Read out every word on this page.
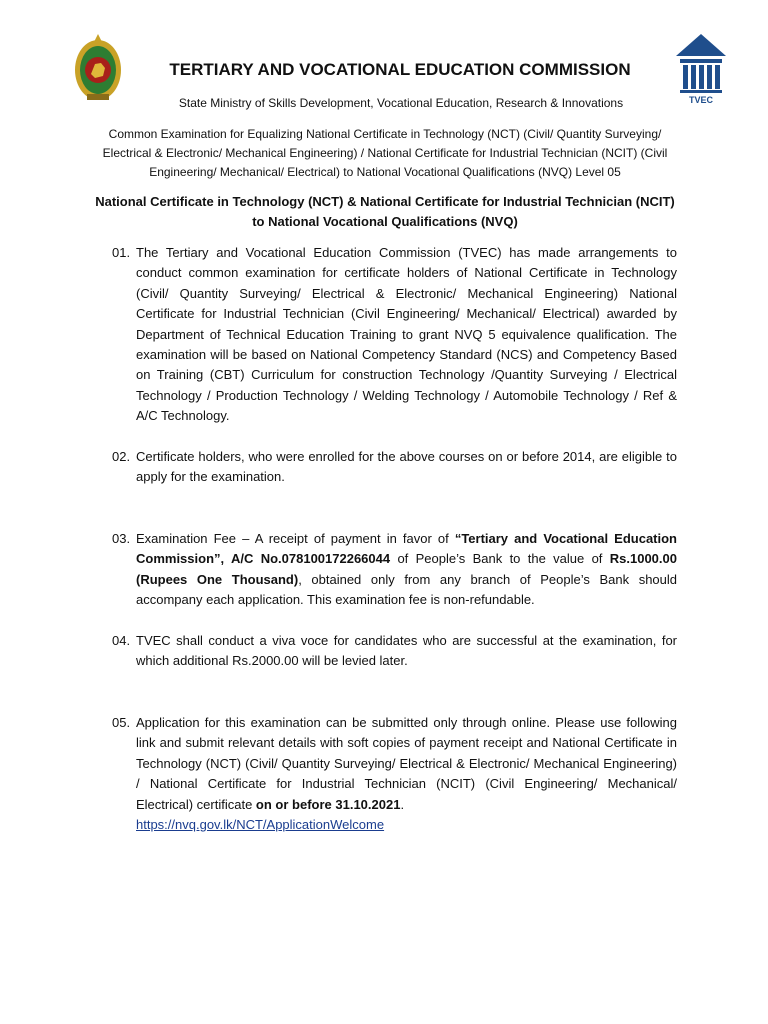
TVEC
TERTIARY AND VOCATIONAL EDUCATION COMMISSION
State Ministry of Skills Development, Vocational Education, Research & Innovations
Common Examination for Equalizing National Certificate in Technology (NCT) (Civil/ Quantity Surveying/ Electrical & Electronic/ Mechanical Engineering) / National Certificate for Industrial Technician (NCIT) (Civil Engineering/ Mechanical/ Electrical) to National Vocational Qualifications (NVQ) Level 05
National Certificate in Technology (NCT) & National Certificate for Industrial Technician (NCIT)
to National Vocational Qualifications (NVQ)
01. The Tertiary and Vocational Education Commission (TVEC) has made arrangements to conduct common examination for certificate holders of National Certificate in Technology (Civil/ Quantity Surveying/ Electrical & Electronic/ Mechanical Engineering) National Certificate for Industrial Technician (Civil Engineering/ Mechanical/ Electrical) awarded by Department of Technical Education Training to grant NVQ 5 equivalence qualification. The examination will be based on National Competency Standard (NCS) and Competency Based on Training (CBT) Curriculum for construction Technology /Quantity Surveying / Electrical Technology / Production Technology / Welding Technology / Automobile Technology / Ref & A/C Technology.
02. Certificate holders, who were enrolled for the above courses on or before 2014, are eligible to apply for the examination.
03. Examination Fee – A receipt of payment in favor of “Tertiary and Vocational Education Commission”, A/C No.078100172266044 of People’s Bank to the value of Rs.1000.00 (Rupees One Thousand), obtained only from any branch of People’s Bank should accompany each application. This examination fee is non-refundable.
04. TVEC shall conduct a viva voce for candidates who are successful at the examination, for which additional Rs.2000.00 will be levied later.
05. Application for this examination can be submitted only through online. Please use following link and submit relevant details with soft copies of payment receipt and National Certificate in Technology (NCT) (Civil/ Quantity Surveying/ Electrical & Electronic/ Mechanical Engineering) / National Certificate for Industrial Technician (NCIT) (Civil Engineering/ Mechanical/ Electrical) certificate on or before 31.10.2021.
https://nvq.gov.lk/NCT/ApplicationWelcome
